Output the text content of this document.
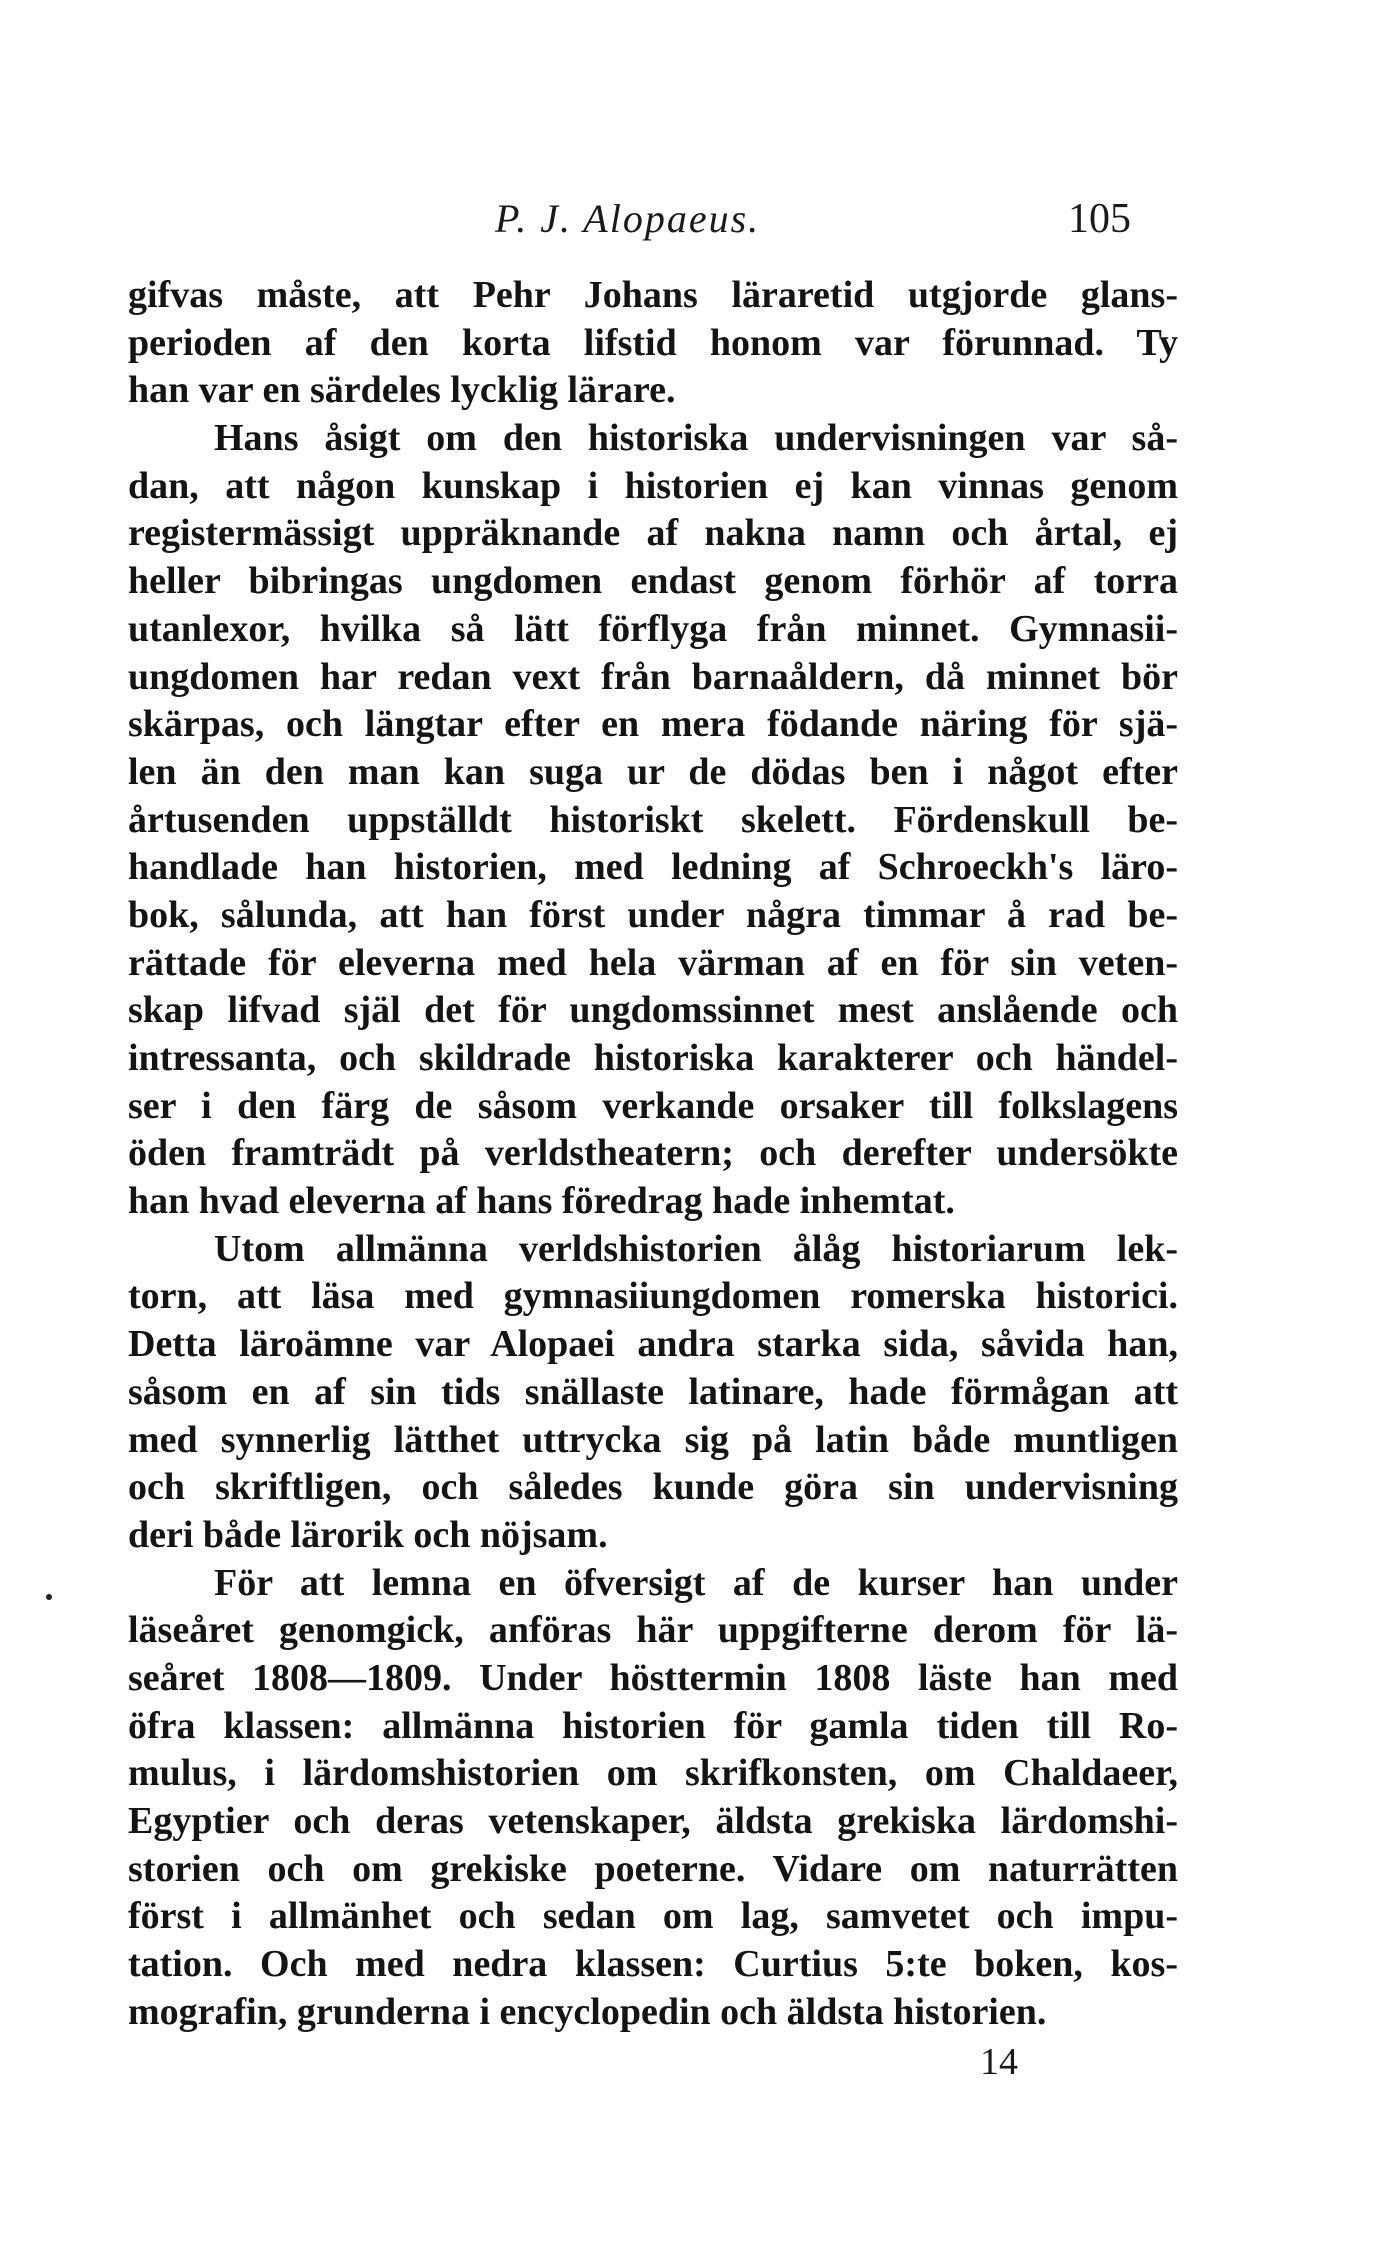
P. J. Alopaeus.	105
gifvas måste, att Pehr Johans läraretid utgjorde glans-
perioden af den korta lifstid honom var förunnad. Ty
han var en särdeles lycklig lärare.
Hans åsigt om den historiska undervisningen var så-
dan, att någon kunskap i historien ej kan vinnas genom
registermässigt uppräknande af nakna namn och årtal, ej
heller bibringas ungdomen endast genom förhör af torra
utanlexor, hvilka så lätt förflyga från minnet. Gymnasii-
ungdomen har redan vext från barnaåldern, då minnet bör
skärpas, och längtar efter en mera födande näring för sjä-
len än den man kan suga ur de dödas ben i något efter
årtusenden uppställdt historiskt skelett. Fördenskull be-
handlade han historien, med ledning af Schroeckh's läro-
bok, sålunda, att han först under några timmar å rad be-
rättade för eleverna med hela värman af en för sin veten-
skap lifvad själ det för ungdomssinnet mest anslående och
intressanta, och skildrade historiska karakterer och händel-
ser i den färg de såsom verkande orsaker till folkslagens
öden framträdt på verldstheatern; och derefter undersökte
han hvad eleverna af hans föredrag hade inhemtat.
Utom allmänna verldshistorien ålåg historiarum lek-
torn, att läsa med gymnasiiungdomen romerska historici.
Detta läroämne var Alopaei andra starka sida, såvida han,
såsom en af sin tids snällaste latinare, hade förmågan att
med synnerlig lätthet uttrycka sig på latin både muntligen
och skriftligen, och således kunde göra sin undervisning
deri både lärorik och nöjsam.
För att lemna en öfversigt af de kurser han under
läseåret genomgick, anföras här uppgifterne derom för lä-
seåret 1808—1809. Under hösttermin 1808 läste han med
öfra klassen: allmänna historien för gamla tiden till Ro-
mulus, i lärdomshistorien om skrifkonsten, om Chaldaeer,
Egyptier och deras vetenskaper, äldsta grekiska lärdomshi-
storien och om grekiske poeterne. Vidare om naturrätten
först i allmänhet och sedan om lag, samvetet och impu-
tation. Och med nedra klassen: Curtius 5:te boken, kos-
mografin, grunderna i encyclopedin och äldsta historien.
14
